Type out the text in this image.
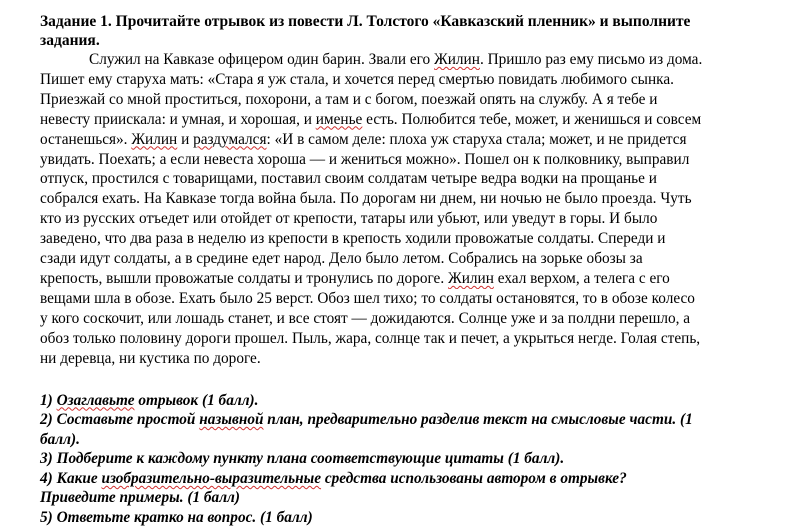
Задание 1. Прочитайте отрывок из повести Л. Толстого «Кавказский пленник» и выполните
задания.

Служил на Кавказе офицером один барин. Звали его Жилин. Пришло раз ему письмо из дома.
Пишет ему старуха мать: «Стара я уж стала, и хочется перед смертью повидать любимого сынка.
Приезжай со мной проститься, похорони, а там и с богом, поезжай опять на службу. А я тебе и
невесту приискала: и умная, и хорошая, и именье есть. Полюбится тебе, может, и женишься и совсем
останешься». Жилин и раздумался: «И в самом деле: плоха уж старуха стала; может, и не придется
увидать. Поехать; а если невеста хороша — и жениться можно». Пошел он к полковнику, выправил
отпуск, простился с товарищами, поставил своим солдатам четыре ведра водки на прощанье и
собрался ехать. На Кавказе тогда война была. По дорогам ни днем, ни ночью не было проезда. Чуть
кто из русских отъедет или отойдет от крепости, татары или убьют, или уведут в горы. И было
заведено, что два раза в неделю из крепости в крепость ходили провожатые солдаты. Спереди и
сзади идут солдаты, а в средине едет народ. Дело было летом. Собрались на зорьке обозы за
крепость, вышли провожатые солдаты и тронулись по дороге. Жилин ехал верхом, а телега с его
вещами шла в обозе. Ехать было 25 верст. Обоз шел тихо; то солдаты остановятся, то в обозе колесо
у кого соскочит, или лошадь станет, и все стоят — дожидаются. Солнце уже и за полдни перешло, а
обоз только половину дороги прошел. Пыль, жара, солнце так и печет, а укрыться негде. Голая степь,
ни деревца, ни кустика по дороге.
1) Озаглавьте отрывок (1 балл).
2) Составьте простой назывной план, предварительно разделив текст на смысловые части. (1
балл).
3) Подберите к каждому пункту плана соответствующие цитаты (1 балл).
4) Какие изобразительно-выразительные средства использованы автором в отрывке?
Приведите примеры. (1 балл)
5) Ответьте кратко на вопрос. (1 балл)
